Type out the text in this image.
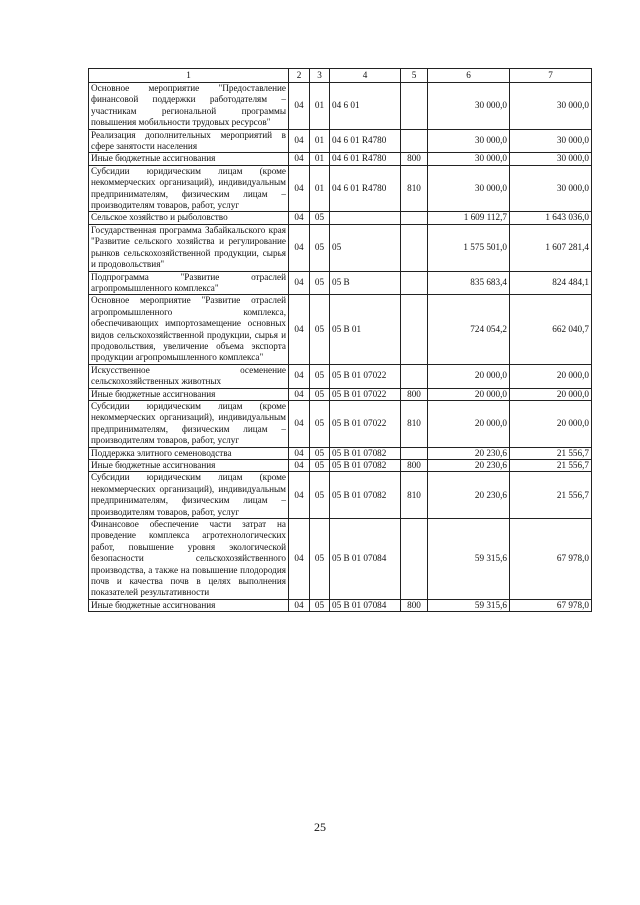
1	2	3	4	5	6	7
Основное мероприятие "Предоставление финансовой поддержки работодателям – участникам региональной программы повышения мобильности трудовых ресурсов"	04	01	04 6 01		30 000,0	30 000,0
Реализация дополнительных мероприятий в сфере занятости населения	04	01	04 6 01 R4780		30 000,0	30 000,0
Иные бюджетные ассигнования	04	01	04 6 01 R4780	800	30 000,0	30 000,0
Субсидии юридическим лицам (кроме некоммерческих организаций), индивидуальным предпринимателям, физическим лицам – производителям товаров, работ, услуг	04	01	04 6 01 R4780	810	30 000,0	30 000,0
Сельское хозяйство и рыболовство	04	05			1 609 112,7	1 643 036,0
Государственная программа Забайкальского края "Развитие сельского хозяйства и регулирование рынков сельскохозяйственной продукции, сырья и продовольствия"	04	05	05		1 575 501,0	1 607 281,4
Подпрограмма "Развитие отраслей агропромышленного комплекса"	04	05	05 В		835 683,4	824 484,1
Основное мероприятие "Развитие отраслей агропромышленного комплекса, обеспечивающих импортозамещение основных видов сельскохозяйственной продукции, сырья и продовольствия, увеличение объема экспорта продукции агропромышленного комплекса"	04	05	05 В 01		724 054,2	662 040,7
Искусственное осеменение сельскохозяйственных животных	04	05	05 В 01 07022		20 000,0	20 000,0
Иные бюджетные ассигнования	04	05	05 В 01 07022	800	20 000,0	20 000,0
Субсидии юридическим лицам (кроме некоммерческих организаций), индивидуальным предпринимателям, физическим лицам – производителям товаров, работ, услуг	04	05	05 В 01 07022	810	20 000,0	20 000,0
Поддержка элитного семеноводства	04	05	05 В 01 07082		20 230,6	21 556,7
Иные бюджетные ассигнования	04	05	05 В 01 07082	800	20 230,6	21 556,7
Субсидии юридическим лицам (кроме некоммерческих организаций), индивидуальным предпринимателям, физическим лицам – производителям товаров, работ, услуг	04	05	05 В 01 07082	810	20 230,6	21 556,7
Финансовое обеспечение части затрат на проведение комплекса агротехнологических работ, повышение уровня экологической безопасности сельскохозяйственного производства, а также на повышение плодородия почв и качества почв в целях выполнения показателей результативности	04	05	05 В 01 07084		59 315,6	67 978,0
Иные бюджетные ассигнования	04	05	05 В 01 07084	800	59 315,6	67 978,0
25
